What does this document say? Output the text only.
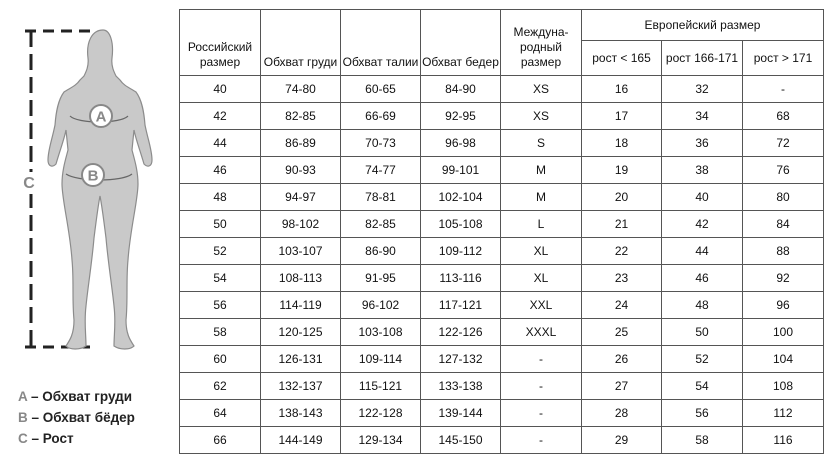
A
B
C
A – Обхват груди
B – Обхват бёдер
C – Рост
Российский размер	Обхват груди	Обхват талии	Обхват бедер	Междуна- родный размер	Европейский размер		
					рост < 165	рост 166-171	рост > 171
40	74-80	60-65	84-90	XS	16	32	-
42	82-85	66-69	92-95	XS	17	34	68
44	86-89	70-73	96-98	S	18	36	72
46	90-93	74-77	99-101	M	19	38	76
48	94-97	78-81	102-104	M	20	40	80
50	98-102	82-85	105-108	L	21	42	84
52	103-107	86-90	109-112	XL	22	44	88
54	108-113	91-95	113-116	XL	23	46	92
56	114-119	96-102	117-121	XXL	24	48	96
58	120-125	103-108	122-126	XXXL	25	50	100
60	126-131	109-114	127-132	-	26	52	104
62	132-137	115-121	133-138	-	27	54	108
64	138-143	122-128	139-144	-	28	56	112
66	144-149	129-134	145-150	-	29	58	116
